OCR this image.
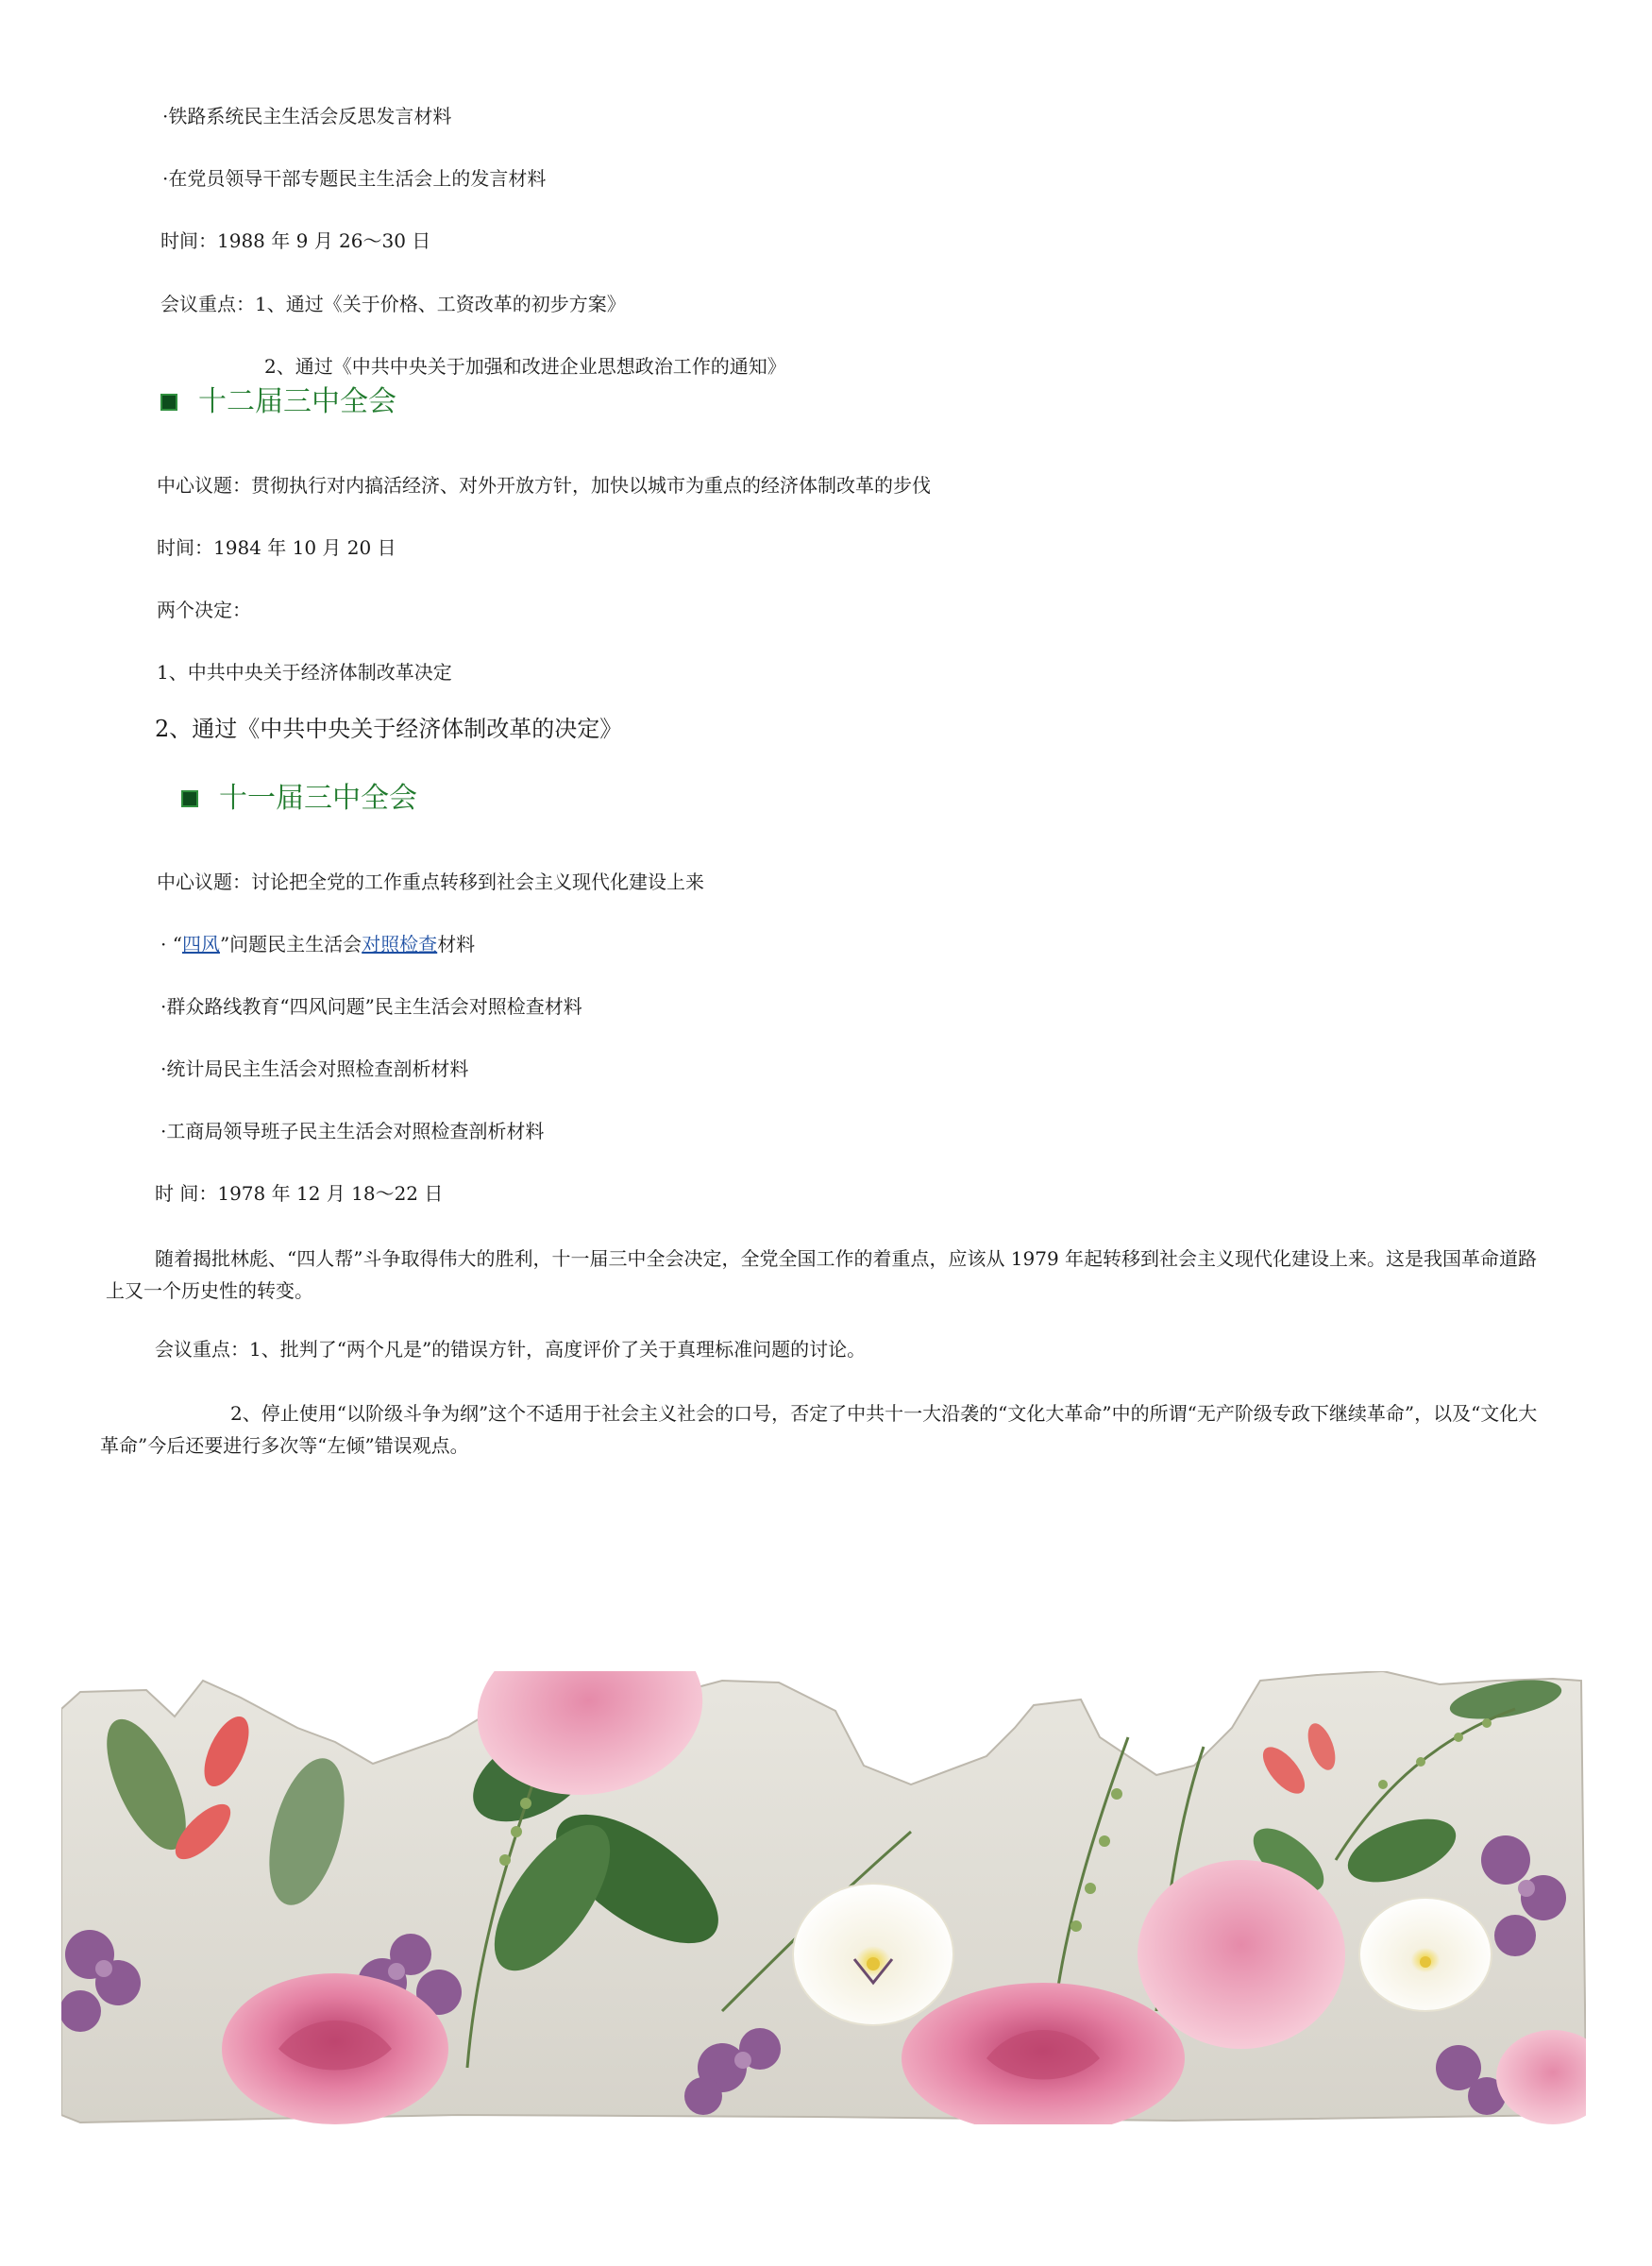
·铁路系统民主生活会反思发言材料
·在党员领导干部专题民主生活会上的发言材料
时间：1988 年 9 月 26～30 日
会议重点：1、通过《关于价格、工资改革的初步方案》
2、通过《中共中央关于加强和改进企业思想政治工作的通知》
十二届三中全会
中心议题：贯彻执行对内搞活经济、对外开放方针，加快以城市为重点的经济体制改革的步伐
时间：1984 年 10 月 20 日
两个决定：
1、中共中央关于经济体制改革决定
2、通过《中共中央关于经济体制改革的决定》
十一届三中全会
中心议题：讨论把全党的工作重点转移到社会主义现代化建设上来
· “四风”问题民主生活会对照检查材料
·群众路线教育“四风问题”民主生活会对照检查材料
·统计局民主生活会对照检查剖析材料
·工商局领导班子民主生活会对照检查剖析材料
时 间：1978 年 12 月 18～22 日
随着揭批林彪、“四人帮”斗争取得伟大的胜利，十一届三中全会决定，全党全国工作的着重点，应该从 1979 年起转移到社会主义现代化建设上来。这是我国革命道路上又一个历史性的转变。
会议重点：1、批判了“两个凡是”的错误方针，高度评价了关于真理标准问题的讨论。
2、停止使用“以阶级斗争为纲”这个不适用于社会主义社会的口号，否定了中共十一大沿袭的“文化大革命”中的所谓“无产阶级专政下继续革命”，以及“文化大革命”今后还要进行多次等“左倾”错误观点。
